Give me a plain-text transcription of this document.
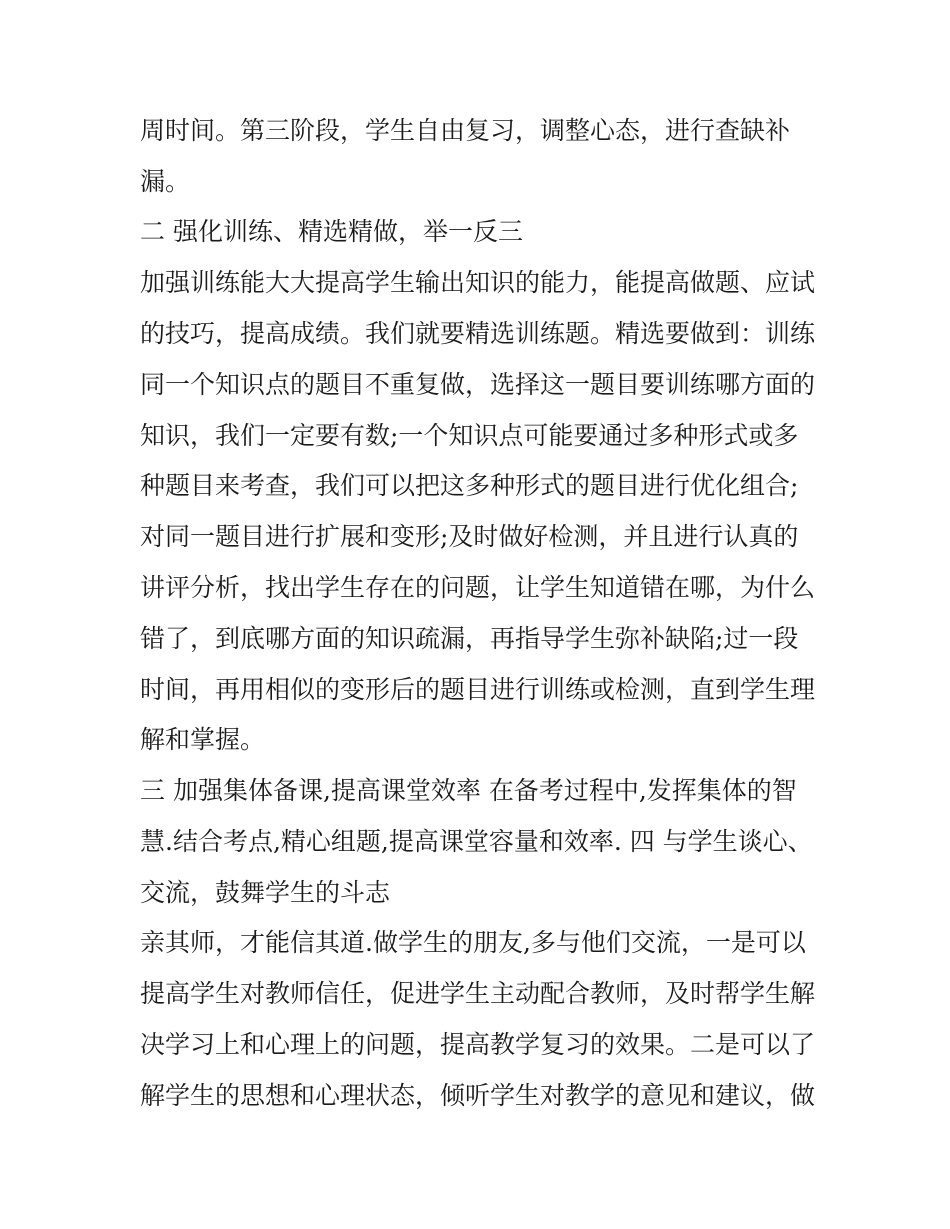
周时间。第三阶段，学生自由复习，调整心态，进行查缺补

漏。

二 强化训练、精选精做，举一反三

加强训练能大大提高学生输出知识的能力，能提高做题、应试

的技巧，提高成绩。我们就要精选训练题。精选要做到：训练

同一个知识点的题目不重复做，选择这一题目要训练哪方面的

知识，我们一定要有数;一个知识点可能要通过多种形式或多

种题目来考查，我们可以把这多种形式的题目进行优化组合;

对同一题目进行扩展和变形;及时做好检测，并且进行认真的

讲评分析，找出学生存在的问题，让学生知道错在哪，为什么

错了，到底哪方面的知识疏漏，再指导学生弥补缺陷;过一段

时间，再用相似的变形后的题目进行训练或检测，直到学生理

解和掌握。

三 加强集体备课,提高课堂效率 在备考过程中,发挥集体的智

慧.结合考点,精心组题,提高课堂容量和效率. 四 与学生谈心、

交流，鼓舞学生的斗志

亲其师，才能信其道.做学生的朋友,多与他们交流，一是可以

提高学生对教师信任，促进学生主动配合教师，及时帮学生解

决学习上和心理上的问题，提高教学复习的效果。二是可以了

解学生的思想和心理状态，倾听学生对教学的意见和建议，做
